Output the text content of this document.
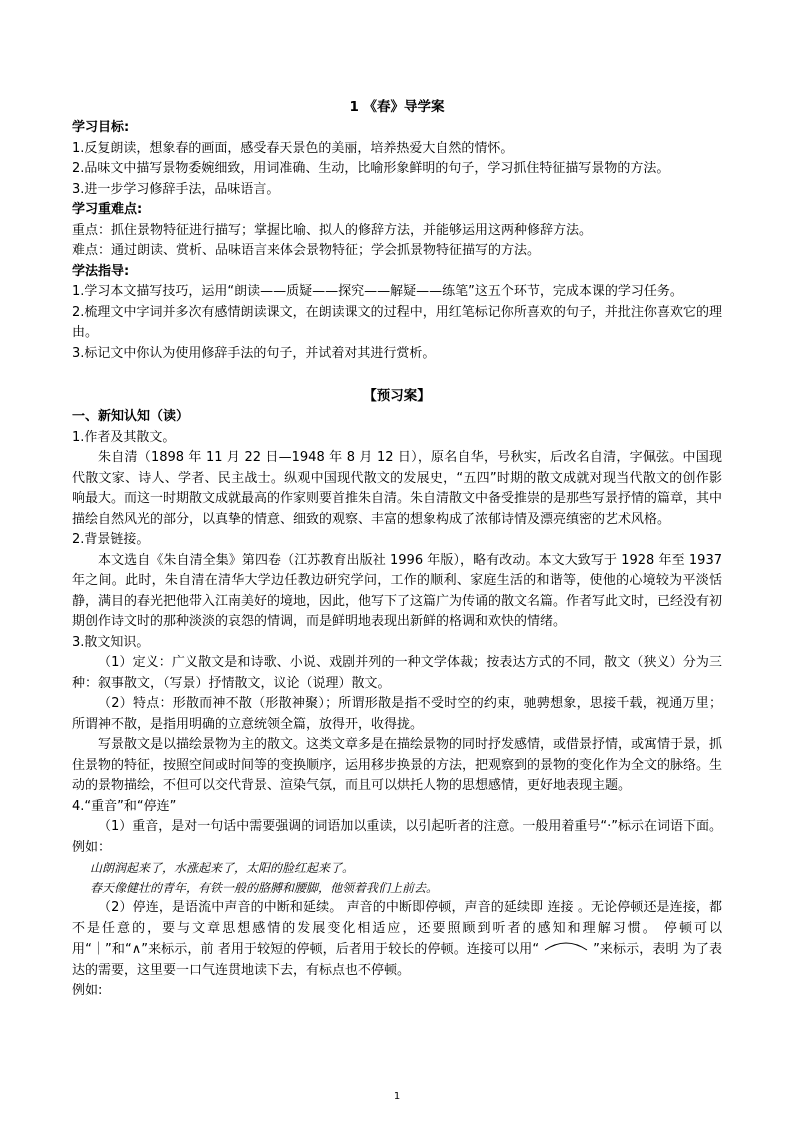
1 《春》导学案
学习目标:
1.反复朗读，想象春的画面，感受春天景色的美丽，培养热爱大自然的情怀。
2.品味文中描写景物委婉细致，用词准确、生动，比喻形象鲜明的句子，学习抓住特征描写景物的方法。
3.进一步学习修辞手法，品味语言。
学习重难点:
重点：抓住景物特征进行描写；掌握比喻、拟人的修辞方法，并能够运用这两种修辞方法。
难点：通过朗读、赏析、品味语言来体会景物特征；学会抓景物特征描写的方法。
学法指导:
1.学习本文描写技巧，运用“朗读——质疑——探究——解疑——练笔”这五个环节，完成本课的学习任务。
2.梳理文中字词并多次有感情朗读课文，在朗读课文的过程中，用红笔标记你所喜欢的句子，并批注你喜欢它的理由。
3.标记文中你认为使用修辞手法的句子，并试着对其进行赏析。
【预习案】
一、新知认知（读）
1.作者及其散文。
朱自清（1898 年 11 月 22 日—1948 年 8 月 12 日），原名自华，号秋实，后改名自清，字佩弦。中国现代散文家、诗人、学者、民主战士。纵观中国现代散文的发展史，“五四”时期的散文成就对现当代散文的创作影响最大。而这一时期散文成就最高的作家则要首推朱自清。朱自清散文中备受推崇的是那些写景抒情的篇章，其中描绘自然风光的部分，以真挚的情意、细致的观察、丰富的想象构成了浓郁诗情及漂亮缜密的艺术风格。
2.背景链接。
本文选自《朱自清全集》第四卷（江苏教育出版社 1996 年版），略有改动。本文大致写于 1928 年至 1937 年之间。此时，朱自清在清华大学边任教边研究学问，工作的顺利、家庭生活的和谐等，使他的心境较为平淡恬静，满目的春光把他带入江南美好的境地，因此，他写下了这篇广为传诵的散文名篇。作者写此文时，已经没有初期创作诗文时的那种淡淡的哀怨的情调，而是鲜明地表现出新鲜的格调和欢快的情绪。
3.散文知识。
（1）定义：广义散文是和诗歌、小说、戏剧并列的一种文学体裁；按表达方式的不同，散文（狭义）分为三种：叙事散文，（写景）抒情散文，议论（说理）散文。
（2）特点：形散而神不散（形散神聚）；所谓形散是指不受时空的约束，驰骋想象，思接千载，视通万里；所谓神不散，是指用明确的立意统领全篇，放得开，收得拢。
写景散文是以描绘景物为主的散文。这类文章多是在描绘景物的同时抒发感情，或借景抒情，或寓情于景，抓住景物的特征，按照空间或时间等的变换顺序，运用移步换景的方法，把观察到的景物的变化作为全文的脉络。生动的景物描绘，不但可以交代背景、渲染气氛，而且可以烘托人物的思想感情，更好地表现主题。
4.“重音”和“停连”
（1）重音，是对一句话中需要强调的词语加以重读，以引起听者的注意。一般用着重号“·”标示在词语下面。例如：
山朗润起来了，水涨起来了，太阳的脸红起来了。
春天像健壮的青年，有铁一般的胳膊和腰脚，他领着我们上前去。
（2）停连，是语流中声音的中断和延续。 声音的中断即停顿，声音的延续即 连接 。无论停顿还是连接，都不是任意的，要与文章思想感情的发展变化相适应，还要照顾到听者的感知和理解习惯。 停顿可以用“｜”和“∧”来标示，前 者用于较短的停顿，后者用于较长的停顿。连接可以用“	”来标示，表明 为了表达的需要，这里要一口气连贯地读下去，有标点也不停顿。
例如:
1
